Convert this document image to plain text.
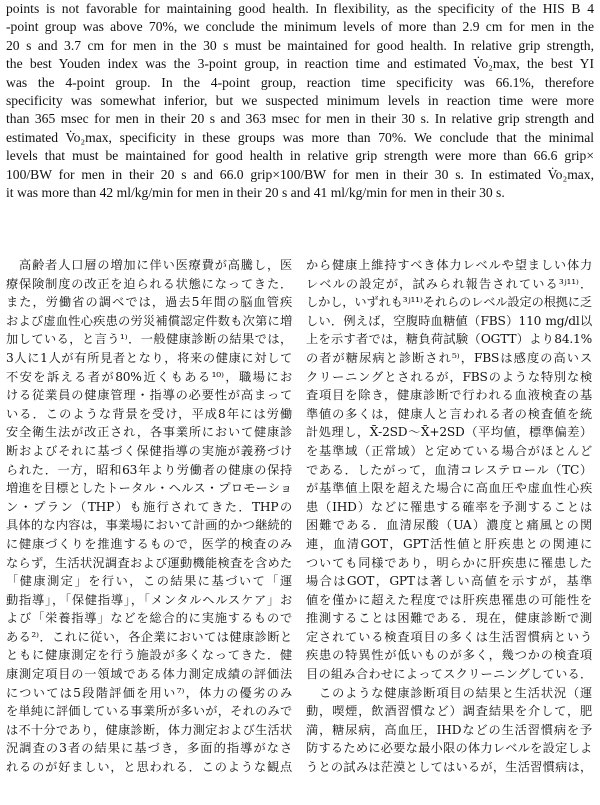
points is not favorable for maintaining good health. In flexibility, as the specificity of the HIS B 4
-point group was above 70%, we conclude the minimum levels of more than 2.9 cm for men in the
20 s and 3.7 cm for men in the 30 s must be maintained for good health. In relative grip strength,
the best Youden index was the 3-point group, in reaction time and estimated V̇o₂max, the best YI
was the 4-point group. In the 4-point group, reaction time specificity was 66.1%, therefore
specificity was somewhat inferior, but we suspected minimum levels in reaction time were more
than 365 msec for men in their 20 s and 363 msec for men in their 30 s. In relative grip strength and
estimated V̇o₂max, specificity in these groups was more than 70%. We conclude that the minimal
levels that must be maintained for good health in relative grip strength were more than 66.6 grip×
100/BW for men in their 20 s and 66.0 grip×100/BW for men in their 30 s. In estimated V̇o₂max,
it was more than 42 ml/kg/min for men in their 20 s and 41 ml/kg/min for men in their 30 s.
　高齢者人口層の増加に伴い医療費が高騰し，医
療保険制度の改正を迫られる状態になってきた．
また，労働省の調べでは，過去5年間の脳血管疾
および虚血性心疾患の労災補償認定件数も次第に増
加している，と言う¹⁾．一般健康診断の結果では，
3人に1人が有所見者となり，将来の健康に対して
不安を訴える者が80%近くもある¹⁰⁾，職場にお
ける従業員の健康管理・指導の必要性が高まって
いる．このような背景を受け，平成8年には労働
安全衛生法が改正され，各事業所において健康診
断およびそれに基づく保健指導の実施が義務づけ
られた．一方，昭和63年より労働者の健康の保持
増進を目標としたトータル・ヘルス・プロモーショ
ン・プラン（THP）も施行されてきた．THPの
具体的な内容は，事業場において計画的かつ継続的
に健康づくりを推進するもので，医学的検査のみ
ならず，生活状況調査および運動機能検査を含めた
「健康測定」を行い，この結果に基づいて「運
動指導」，「保健指導」，「メンタルヘルスケア」お
よび「栄養指導」などを総合的に実施するもので
ある²⁾．これに従い，各企業においては健康診断と
ともに健康測定を行う施設が多くなってきた．健
康測定項目の一領域である体力測定成績の評価法
については5段階評価を用い⁷⁾，体力の優劣のみ
を単純に評価している事業所が多いが，それのみで
は不十分であり，健康診断，体力測定および生活状
況調査の3者の結果に基づき，多面的指導がなさ
れるのが好ましい，と思われる．このような観点
から健康上維持すべき体力レベルや望ましい体力
レベルの設定が，試みられ報告されている³ʲ¹¹⁾．
しかし，いずれも³ʲ¹¹⁾それらのレベル設定の根拠に乏
しい．例えば，空腹時血糖値（FBS）110 mg/dl以
上を示す者では，糖負荷試験（OGTT）より84.1%
の者が糖尿病と診断され⁵⁾，FBSは感度の高いス
クリーニングとされるが，FBSのような特別な検
査項目を除き，健康診断で行われる血液検査の基
準値の多くは，健康人と言われる者の検査値を統
計処理し，X̄-2SD～X̄+2SD（平均値，標準偏差）
を基準域（正常域）と定めている場合がほとんど
である．したがって，血清コレステロール（TC）
が基準値上限を超えた場合に高血圧や虚血性心疾
患（IHD）などに罹患する確率を予測することは
困難である．血清尿酸（UA）濃度と痛風との関
連，血清GOT，GPT活性値と肝疾患との関連に
ついても同様であり，明らかに肝疾患に罹患した
場合はGOT，GPTは著しい高値を示すが，基準
値を僅かに超えた程度では肝疾患罹患の可能性を
推測することは困難である．現在，健康診断で測
定されている検査項目の多くは生活習慣病という
疾患の特異性が低いものが多く，幾つかの検査項
目の組み合わせによってスクリーニングしている．
　このような健康診断項目の結果と生活状況（運
動，喫煙，飲酒習慣など）調査結果を介して，肥
満，糖尿病，高血圧，IHDなどの生活習慣病を予
防するために必要な最小限の体力レベルを設定しよ
うとの試みは茫漠としてはいるが，生活習慣病は，
